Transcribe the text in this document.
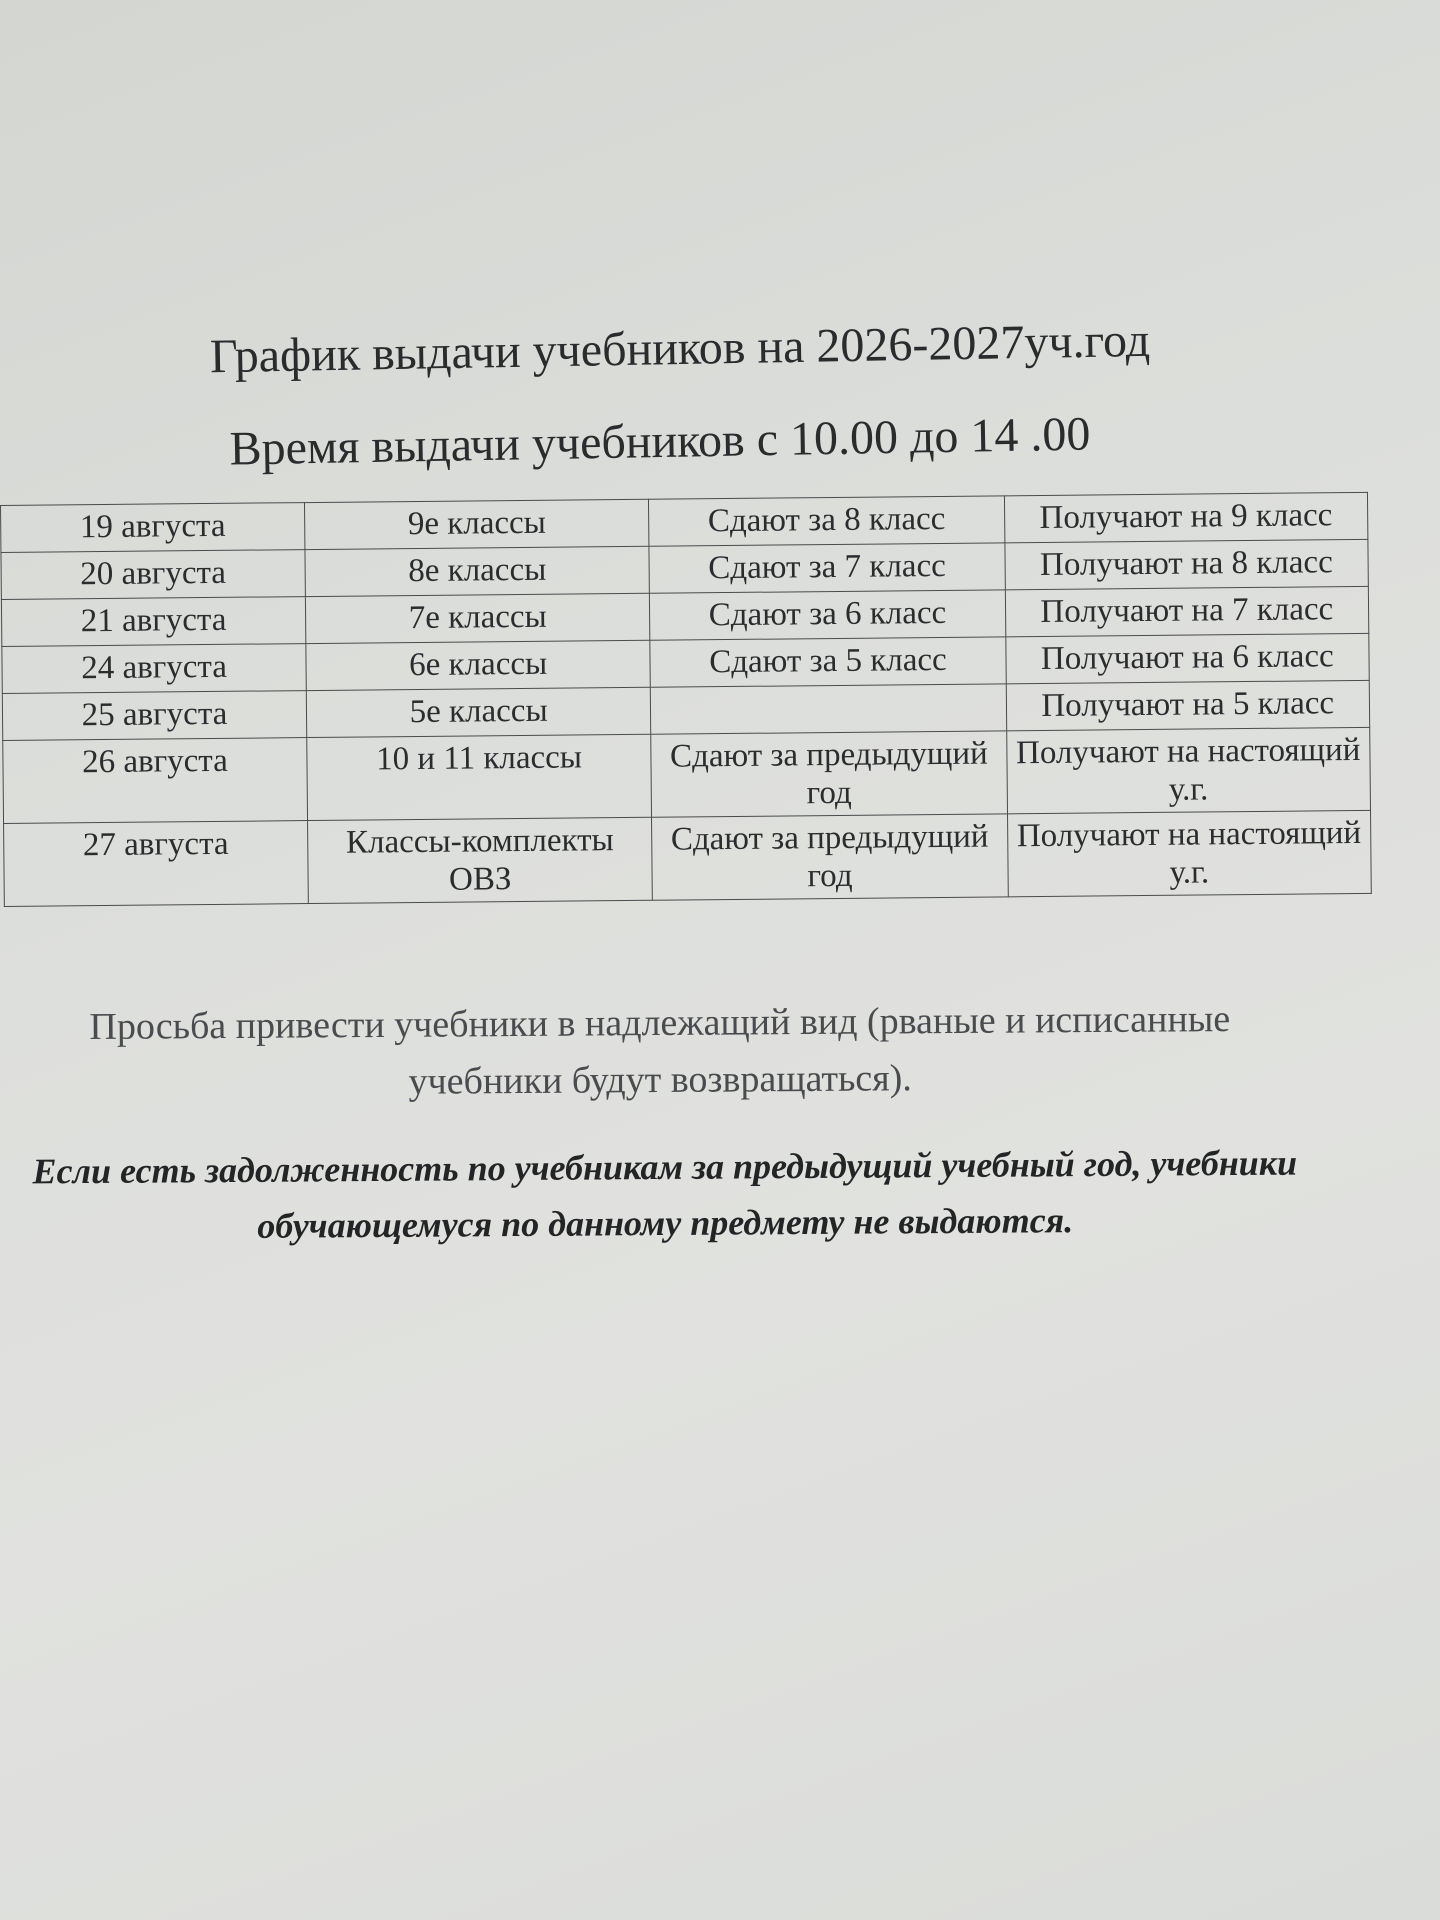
График выдачи учебников на 2026-2027уч.год
Время выдачи учебников с 10.00 до 14 .00
19 августа	9е классы	Сдают за 8 класс	Получают на 9 класс
20 августа	8е классы	Сдают за 7 класс	Получают на 8 класс
21 августа	7е классы	Сдают за 6 класс	Получают на 7 класс
24 августа	6е классы	Сдают за 5 класс	Получают на 6 класс
25 августа	5е классы		Получают на 5 класс
26 августа	10 и 11 классы	Сдают за предыдущий год	Получают на настоящий у.г.
27 августа	Классы-комплекты ОВЗ	Сдают за предыдущий год	Получают на настоящий у.г.

Просьба привести учебники в надлежащий вид (рваные и исписанные учебники будут возвращаться).

Если есть задолженность по учебникам за предыдущий учебный год, учебники обучающемуся по данному предмету не выдаются.
